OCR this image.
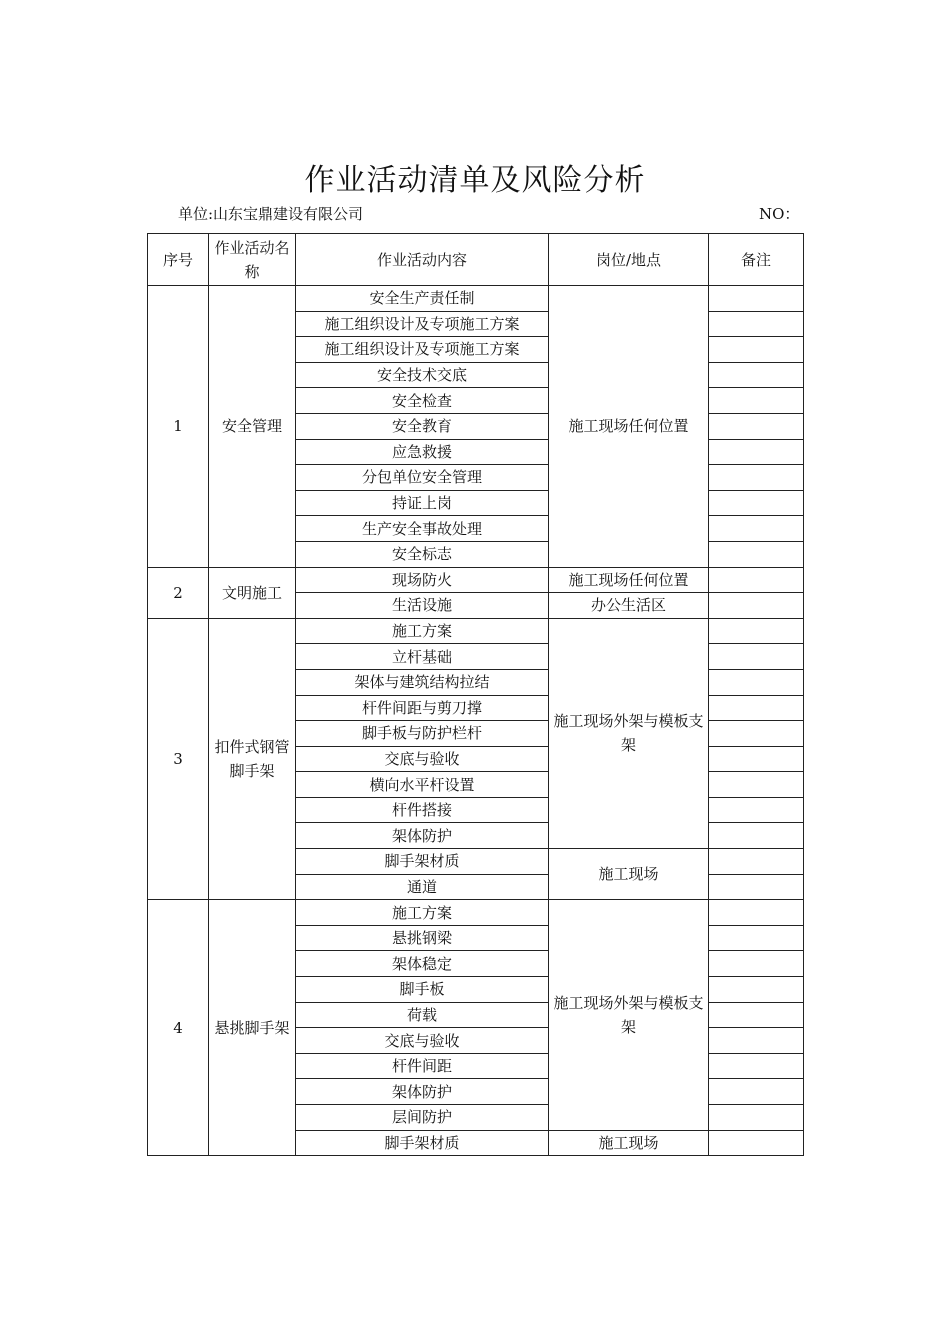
作业活动清单及风险分析
单位:山东宝鼎建设有限公司	NO：
序号	作业活动名称	作业活动内容	岗位/地点	备注
1	安全管理	安全生产责任制	施工现场任何位置	
		施工组织设计及专项施工方案		
		施工组织设计及专项施工方案		
		安全技术交底		
		安全检查		
		安全教育		
		应急救援		
		分包单位安全管理		
		持证上岗		
		生产安全事故处理		
		安全标志		
2	文明施工	现场防火	施工现场任何位置	
		生活设施	办公生活区	
3	扣件式钢管脚手架	施工方案	施工现场外架与模板支架	
		立杆基础		
		架体与建筑结构拉结		
		杆件间距与剪刀撑		
		脚手板与防护栏杆		
		交底与验收		
		横向水平杆设置		
		杆件搭接		
		架体防护		
		脚手架材质	施工现场	
		通道		
4	悬挑脚手架	施工方案	施工现场外架与模板支架	
		悬挑钢梁		
		架体稳定		
		脚手板		
		荷载		
		交底与验收		
		杆件间距		
		架体防护		
		层间防护		
		脚手架材质	施工现场	
